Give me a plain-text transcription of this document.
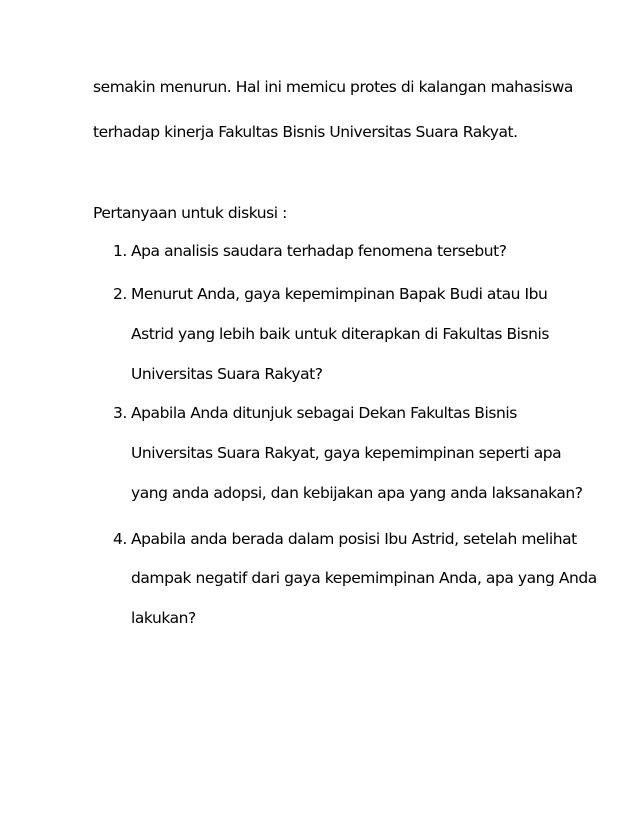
semakin menurun. Hal ini memicu protes di kalangan mahasiswa
terhadap kinerja Fakultas Bisnis Universitas Suara Rakyat.
Pertanyaan untuk diskusi :
1. Apa analisis saudara terhadap fenomena tersebut?
2. Menurut Anda, gaya kepemimpinan Bapak Budi atau Ibu
Astrid yang lebih baik untuk diterapkan di Fakultas Bisnis
Universitas Suara Rakyat?
3. Apabila Anda ditunjuk sebagai Dekan Fakultas Bisnis
Universitas Suara Rakyat, gaya kepemimpinan seperti apa
yang anda adopsi, dan kebijakan apa yang anda laksanakan?
4. Apabila anda berada dalam posisi Ibu Astrid, setelah melihat
dampak negatif dari gaya kepemimpinan Anda, apa yang Anda
lakukan?
